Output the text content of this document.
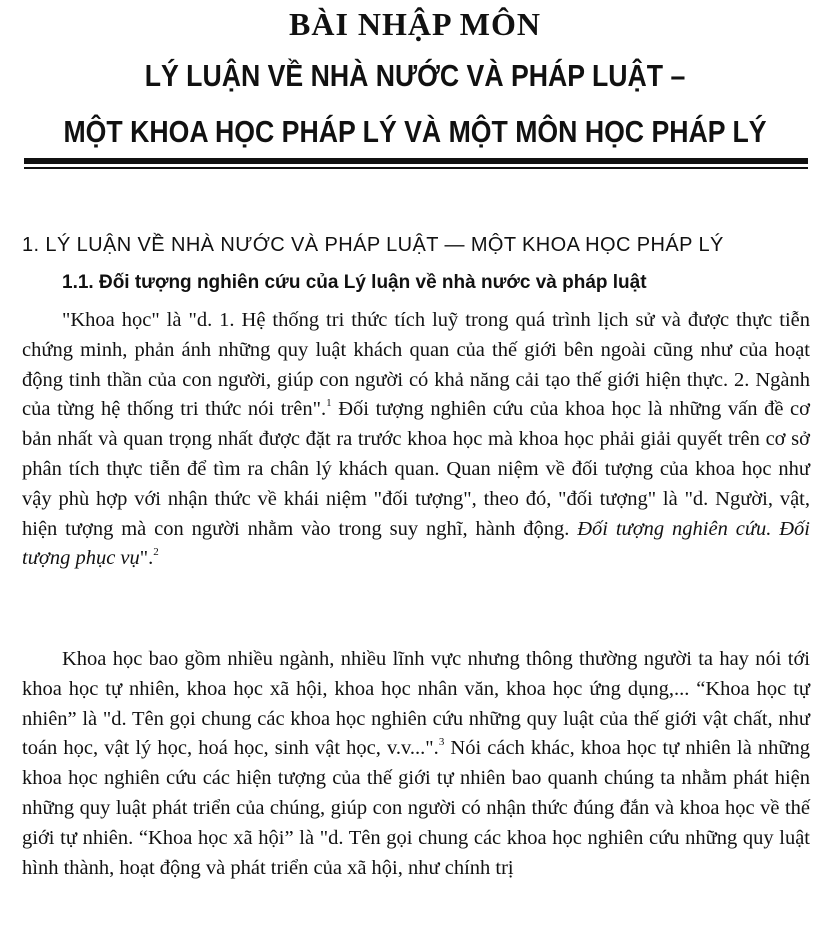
BÀI NHẬP MÔN
LÝ LUẬN VỀ NHÀ NƯỚC VÀ PHÁP LUẬT –
MỘT KHOA HỌC PHÁP LÝ VÀ MỘT MÔN HỌC PHÁP LÝ
1. LÝ LUẬN VỀ NHÀ NƯỚC VÀ PHÁP LUẬT — MỘT KHOA HỌC PHÁP LÝ
1.1. Đối tượng nghiên cứu của Lý luận về nhà nước và pháp luật

"Khoa học" là "d. 1. Hệ thống tri thức tích luỹ trong quá trình lịch sử và được thực tiễn chứng minh, phản ánh những quy luật khách quan của thế giới bên ngoài cũng như của hoạt động tinh thần của con người, giúp con người có khả năng cải tạo thế giới hiện thực. 2. Ngành của từng hệ thống tri thức nói trên".$^1$ Đối tượng nghiên cứu của khoa học là những vấn đề cơ bản nhất và quan trọng nhất được đặt ra trước khoa học mà khoa học phải giải quyết trên cơ sở phân tích thực tiễn để tìm ra chân lý khách quan. Quan niệm về đối tượng của khoa học như vậy phù hợp với nhận thức về khái niệm "đối tượng", theo đó, "đối tượng" là "d. Người, vật, hiện tượng mà con người nhằm vào trong suy nghĩ, hành động. Đối tượng nghiên cứu. Đối tượng phục vụ".$^2$

Khoa học bao gồm nhiều ngành, nhiều lĩnh vực nhưng thông thường người ta hay nói tới khoa học tự nhiên, khoa học xã hội, khoa học nhân văn, khoa học ứng dụng,... “Khoa học tự nhiên” là "d. Tên gọi chung các khoa học nghiên cứu những quy luật của thế giới vật chất, như toán học, vật lý học, hoá học, sinh vật học, v.v...".$^3$ Nói cách khác, khoa học tự nhiên là những khoa học nghiên cứu các hiện tượng của thế giới tự nhiên bao quanh chúng ta nhằm phát hiện những quy luật phát triển của chúng, giúp con người có nhận thức đúng đắn và khoa học về thế giới tự nhiên. “Khoa học xã hội” là "d. Tên gọi chung các khoa học nghiên cứu những quy luật hình thành, hoạt động và phát triển của xã hội, như chính trị
